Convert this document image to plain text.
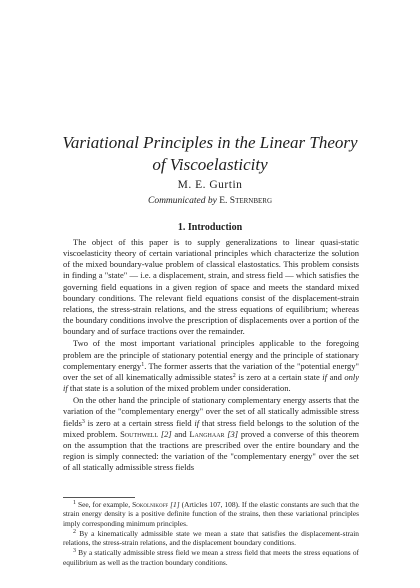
Variational Principles in the Linear Theory
of Viscoelasticity
M. E. Gurtin
Communicated by E. Sternberg
1. Introduction

The object of this paper is to supply generalizations to linear quasi-static viscoelasticity theory of certain variational principles which characterize the solution of the mixed boundary-value problem of classical elastostatics. This problem consists in finding a "state" — i.e. a displacement, strain, and stress field — which satisfies the governing field equations in a given region of space and meets the standard mixed boundary conditions. The relevant field equations consist of the displacement-strain relations, the stress-strain relations, and the stress equations of equilibrium; whereas the boundary conditions involve the prescription of displacements over a portion of the boundary and of surface tractions over the remainder.

Two of the most important variational principles applicable to the foregoing problem are the principle of stationary potential energy and the principle of stationary complementary energy$^1$. The former asserts that the variation of the "potential energy" over the set of all kinematically admissible states$^2$ is zero at a certain state if and only if that state is a solution of the mixed problem under consideration.

On the other hand the principle of stationary complementary energy asserts that the variation of the "complementary energy" over the set of all statically admissible stress fields$^3$ is zero at a certain stress field if that stress field belongs to the solution of the mixed problem. Southwell [2] and Langhaar [3] proved a converse of this theorem on the assumption that the tractions are prescribed over the entire boundary and the region is simply connected: the variation of the "complementary energy" over the set of all statically admissible stress fields

$^1$ See, for example, Sokolnikoff [1] (Articles 107, 108). If the elastic constants are such that the strain energy density is a positive definite function of the strains, then these variational principles imply corresponding minimum principles.

$^2$ By a kinematically admissible state we mean a state that satisfies the displacement-strain relations, the stress-strain relations, and the displacement boundary conditions.

$^3$ By a statically admissible stress field we mean a stress field that meets the stress equations of equilibrium as well as the traction boundary conditions.
